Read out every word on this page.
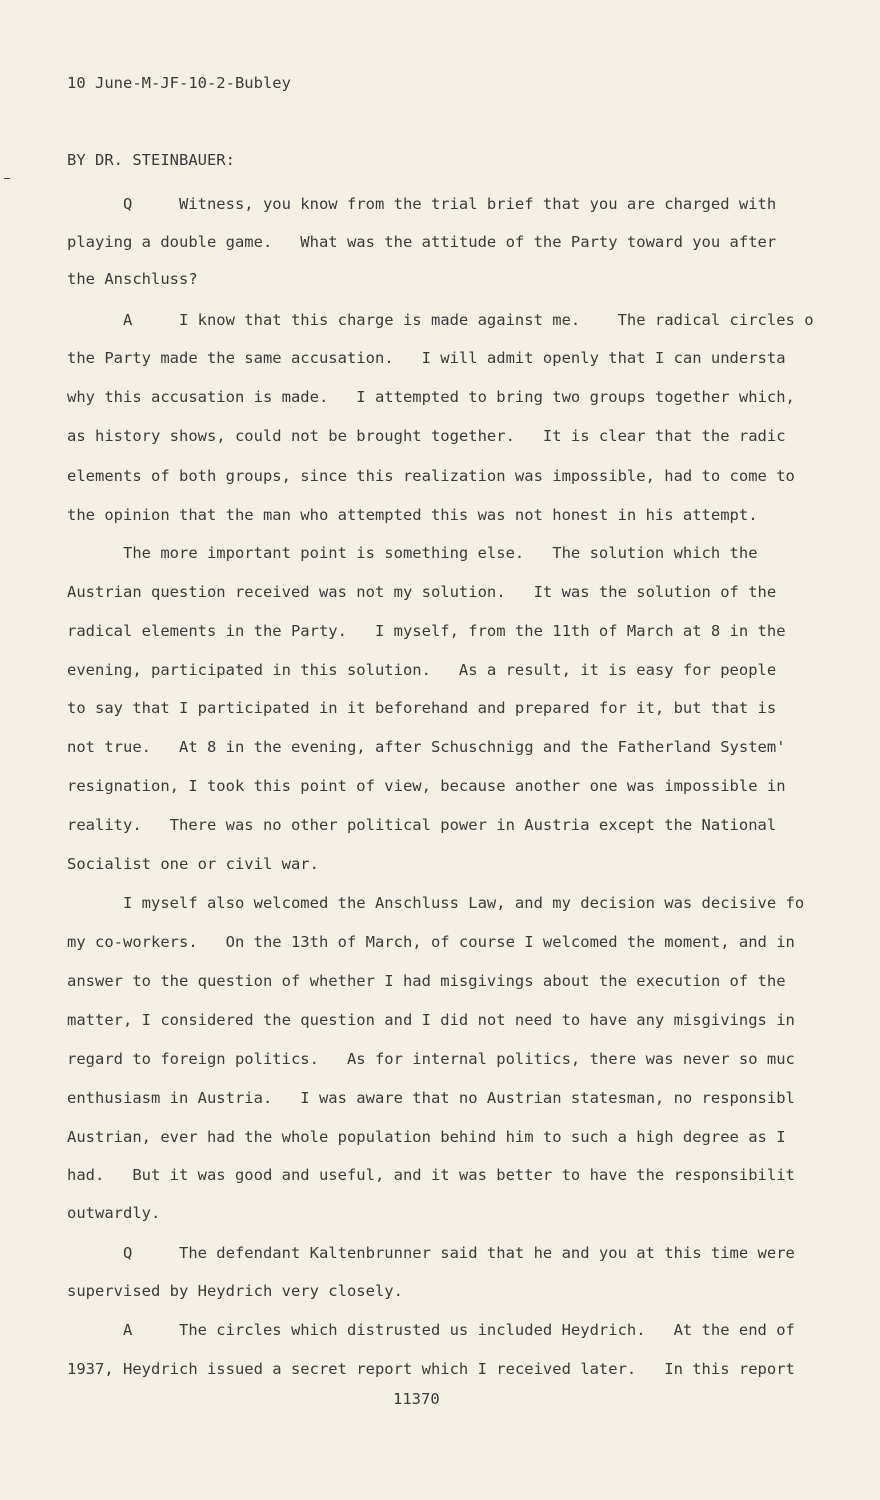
10 June-M-JF-10-2-Bubley
BY DR. STEINBAUER:
Q     Witness, you know from the trial brief that you are charged with
playing a double game.   What was the attitude of the Party toward you after
the Anschluss?
A     I know that this charge is made against me.    The radical circles o
the Party made the same accusation.   I will admit openly that I can understa
why this accusation is made.   I attempted to bring two groups together which,
as history shows, could not be brought together.   It is clear that the radic
elements of both groups, since this realization was impossible, had to come to
the opinion that the man who attempted this was not honest in his attempt.
The more important point is something else.   The solution which the
Austrian question received was not my solution.   It was the solution of the
radical elements in the Party.   I myself, from the 11th of March at 8 in the
evening, participated in this solution.   As a result, it is easy for people
to say that I participated in it beforehand and prepared for it, but that is
not true.   At 8 in the evening, after Schuschnigg and the Fatherland System'
resignation, I took this point of view, because another one was impossible in
reality.   There was no other political power in Austria except the National
Socialist one or civil war.
I myself also welcomed the Anschluss Law, and my decision was decisive fo
my co-workers.   On the 13th of March, of course I welcomed the moment, and in
answer to the question of whether I had misgivings about the execution of the
matter, I considered the question and I did not need to have any misgivings in
regard to foreign politics.   As for internal politics, there was never so muc
enthusiasm in Austria.   I was aware that no Austrian statesman, no responsibl
Austrian, ever had the whole population behind him to such a high degree as I
had.   But it was good and useful, and it was better to have the responsibilit
outwardly.
Q     The defendant Kaltenbrunner said that he and you at this time were
supervised by Heydrich very closely.
A     The circles which distrusted us included Heydrich.   At the end of
1937, Heydrich issued a secret report which I received later.   In this report
11370
